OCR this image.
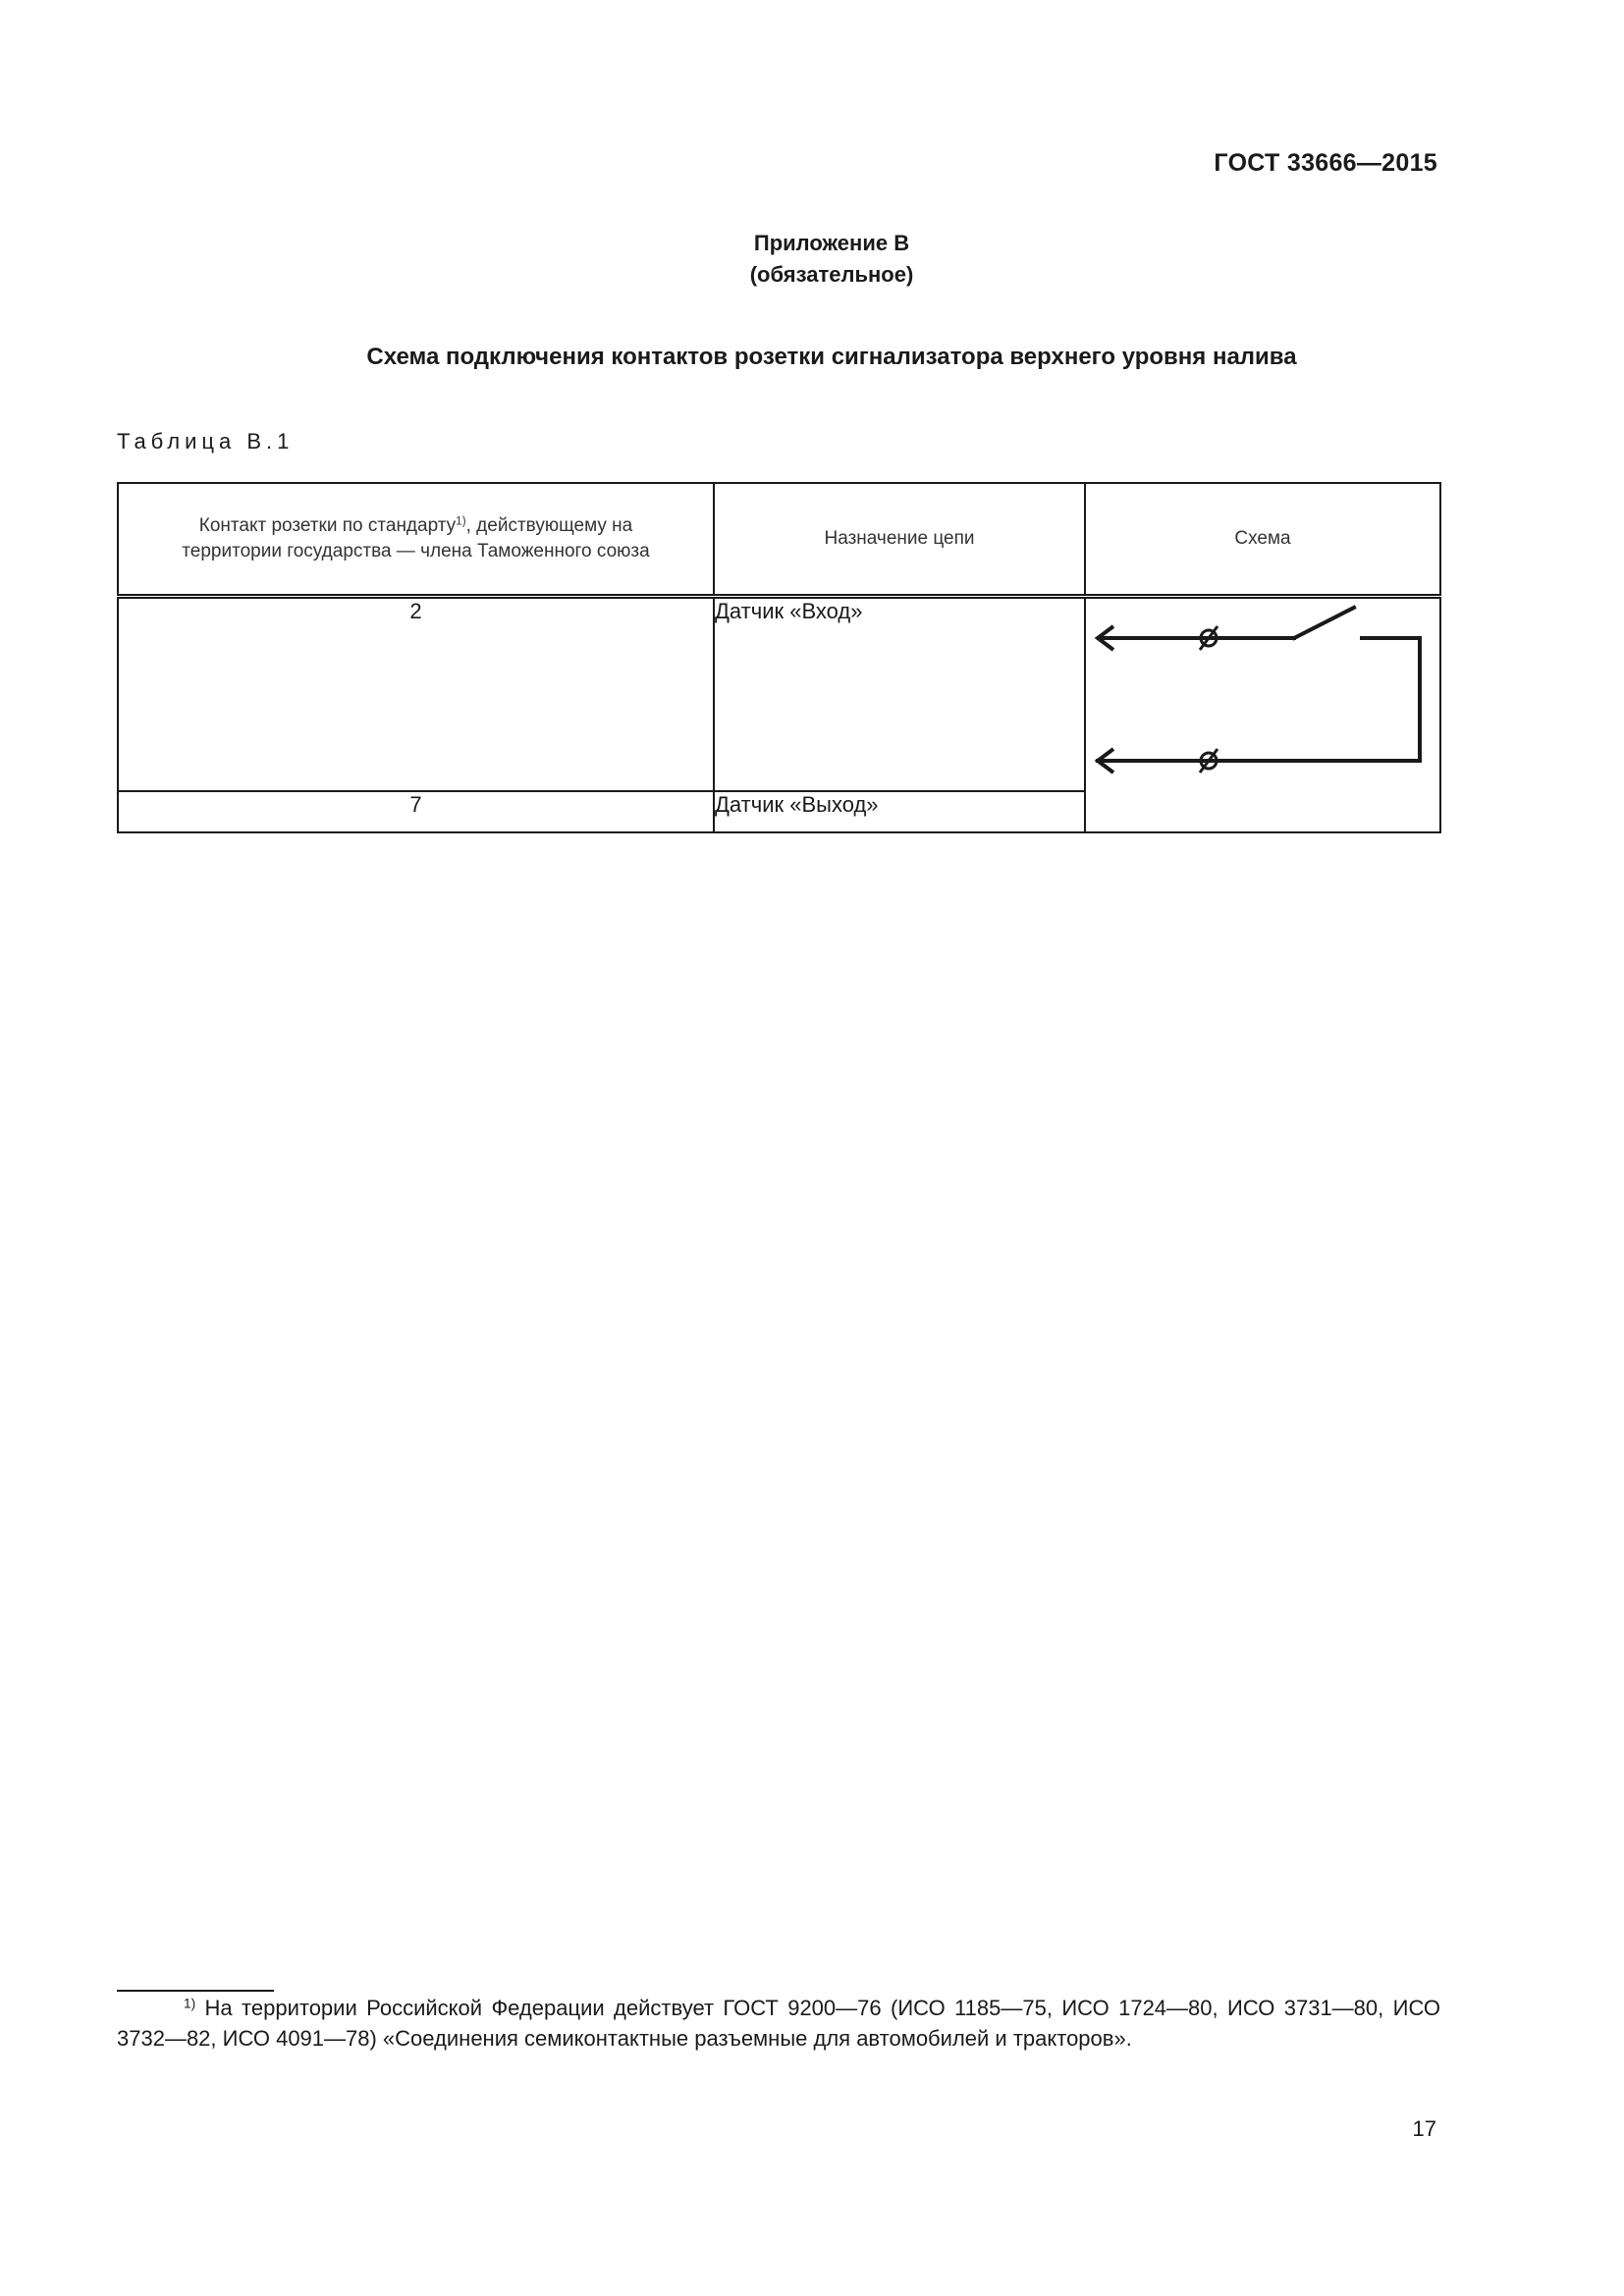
ГОСТ 33666—2015
Приложение В
(обязательное)
Схема подключения контактов розетки сигнализатора верхнего уровня налива
Таблица В.1
Контакт розетки по стандарту$^{1)}$, действующему на территории государства — члена Таможенного союза	Назначение цепи	Схема
2	Датчик «Вход»	

7	Датчик «Выход»	
$^{1)}$ На территории Российской Федерации действует ГОСТ 9200—76 (ИСО 1185—75, ИСО 1724—80, ИСО 3731—80, ИСО 3732—82, ИСО 4091—78) «Соединения семиконтактные разъемные для автомобилей и тракторов».
17
